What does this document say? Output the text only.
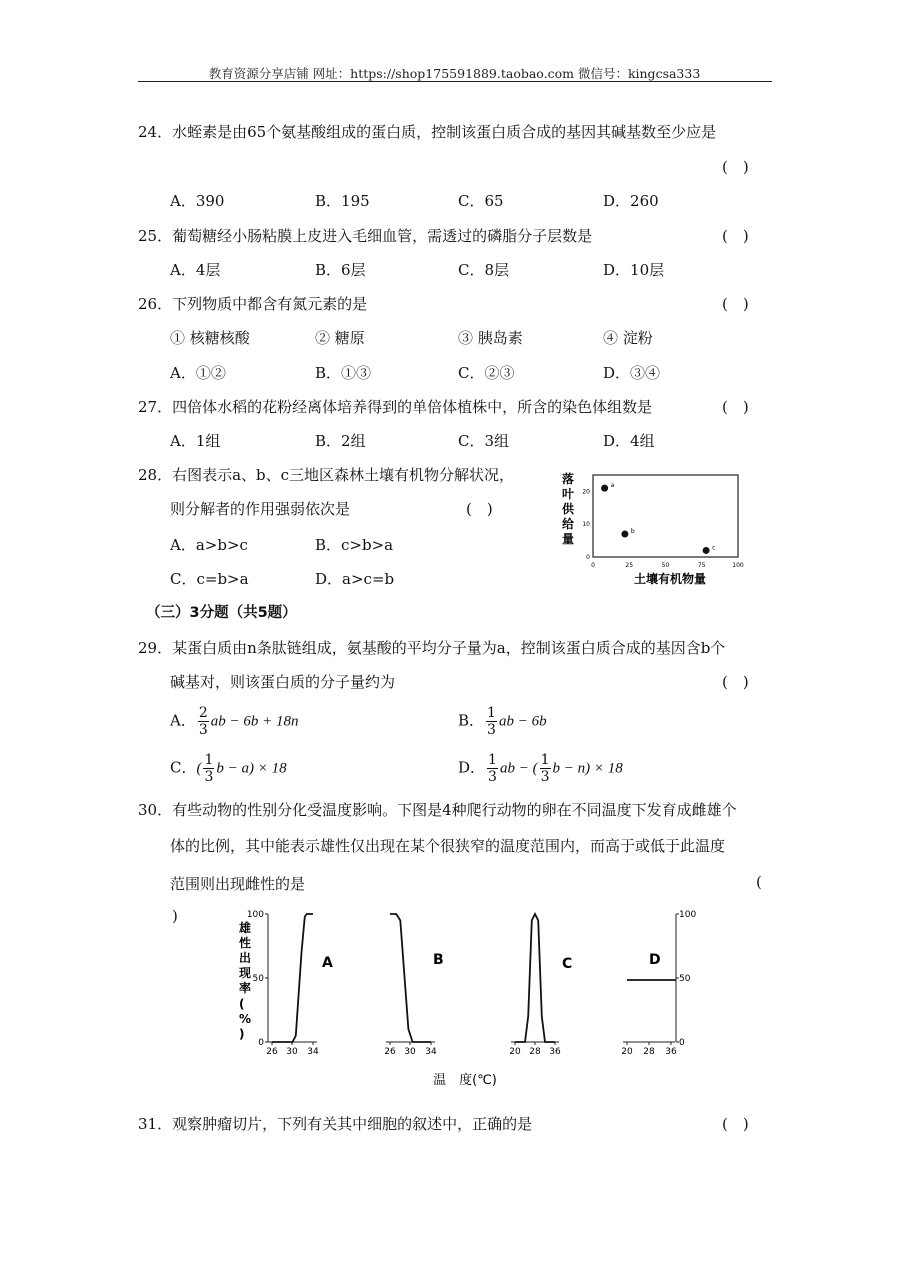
教育资源分享店铺 网址：https://shop175591889.taobao.com 微信号：kingcsa333
24．水蛭素是由65个氨基酸组成的蛋白质，控制该蛋白质合成的基因其碱基数至少应是
(　)
A．390	B．195	C．65	D．260
25．葡萄糖经小肠粘膜上皮进入毛细血管，需透过的磷脂分子层数是	(　)
A．4层	B．6层	C．8层	D．10层
26．下列物质中都含有氮元素的是	(　)
① 核糖核酸	② 糖原	③ 胰岛素	④ 淀粉
A．①②	B．①③	C．②③	D．③④
27．四倍体水稻的花粉经离体培养得到的单倍体植株中，所含的染色体组数是	(　)
A．1组	B．2组	C．3组	D．4组
28．右图表示a、b、c三地区森林土壤有机物分解状况，
则分解者的作用强弱依次是	(　)
A．a>b>c	B．c>b>a
C．c=b>a	D．a>c=b
0	25	50	75	100
0
10
20
a
b
c
落
叶
供
给
量
土壤有机物量
（三）3分题（共5题）
29．某蛋白质由n条肽链组成，氨基酸的平均分子量为a，控制该蛋白质合成的基因含b个
碱基对，则该蛋白质的分子量约为	(　)
A． $\frac{2}{3}$ ab − 6b + 18n	B． $\frac{1}{3}$ ab − 6b
C．( $\frac{1}{3}$ b − a) × 18	D． $\frac{1}{3}$ ab − ( $\frac{1}{3}$ b − n) × 18
30．有些动物的性别分化受温度影响。下图是4种爬行动物的卵在不同温度下发育成雌雄个
体的比例，其中能表示雄性仅出现在某个很狭窄的温度范围内，而高于或低于此温度
范围则出现雌性的是	(
)
26 30 34
0
50
100
A
26 30 34
B
20 28 36
C
20 28 36
0
50
100
D
雄
性
出
现
率
(
%
)
温　度(℃)
31．观察肿瘤切片，下列有关其中细胞的叙述中，正确的是	(　)
